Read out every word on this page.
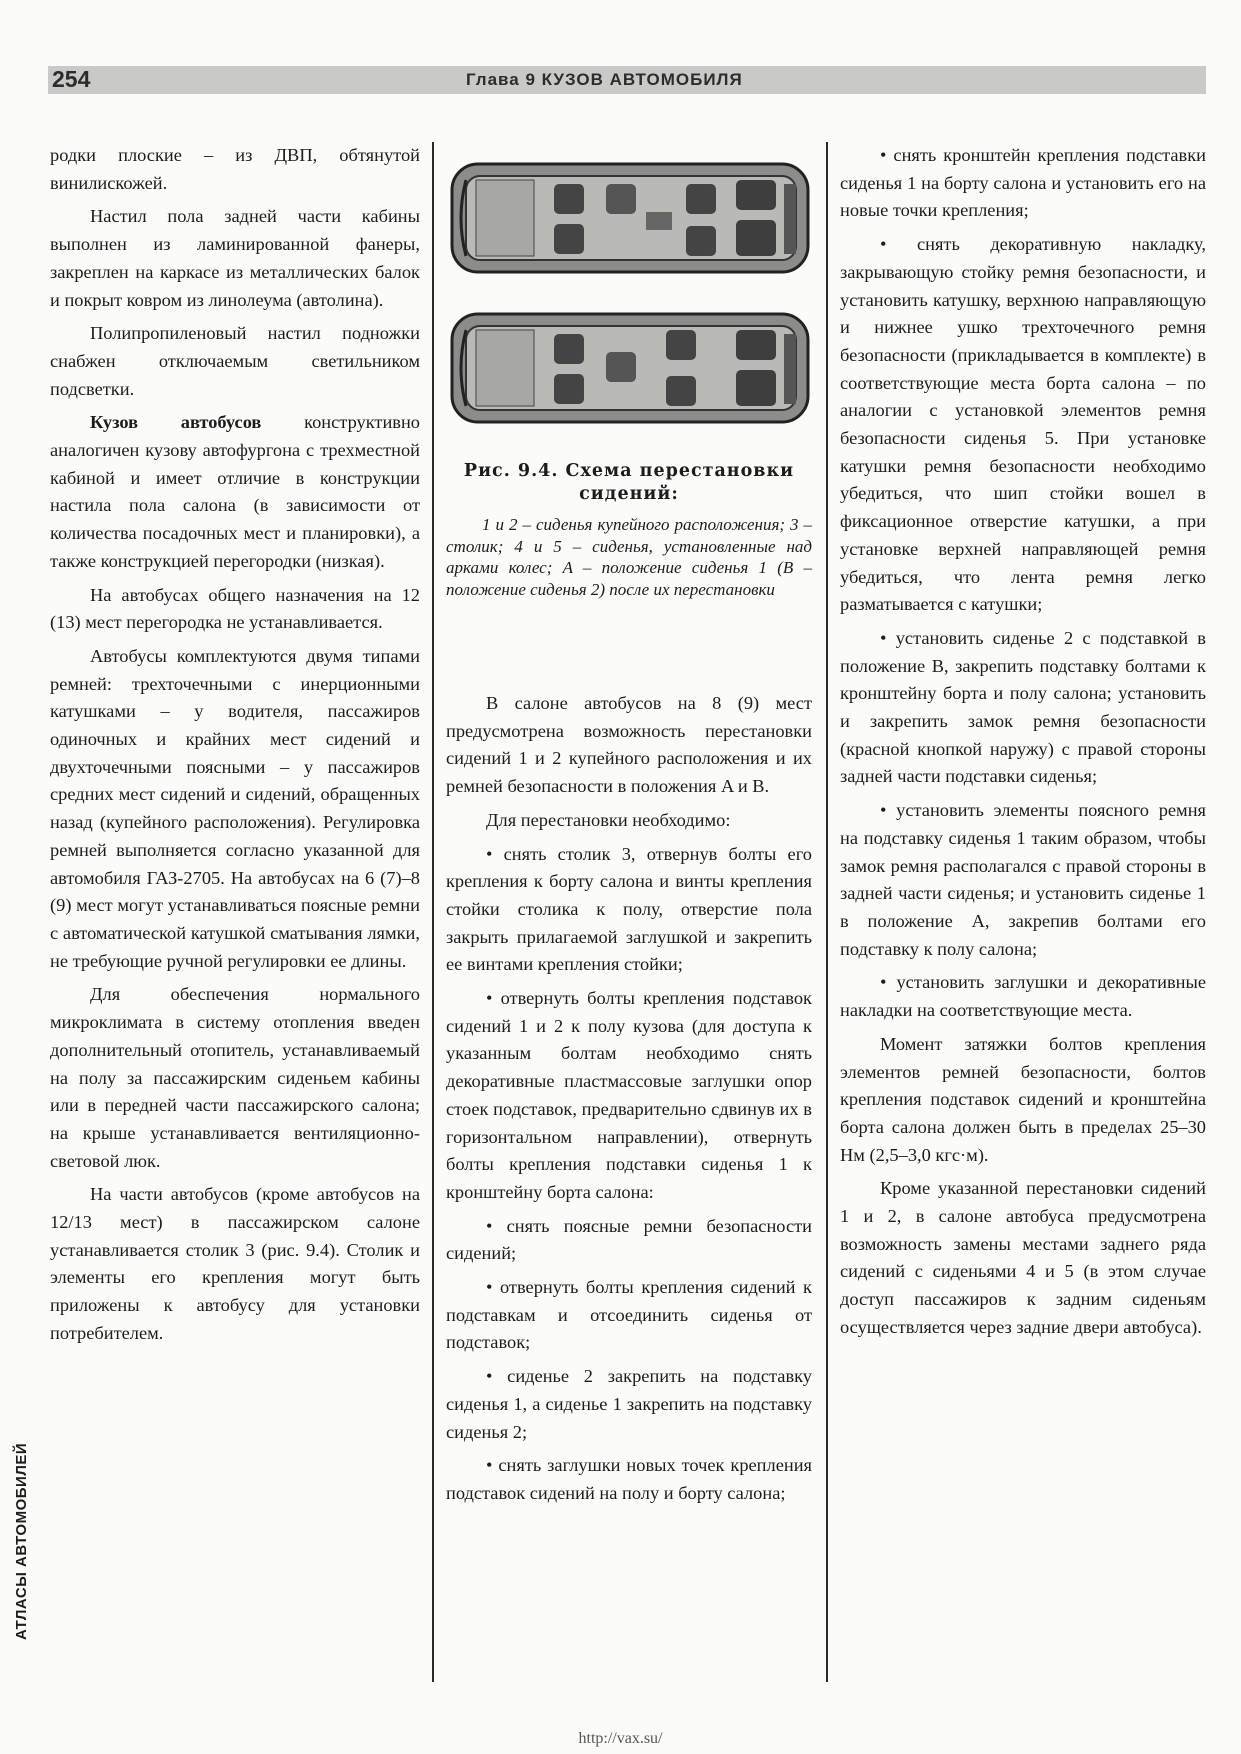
254	Глава 9 КУЗОВ АВТОМОБИЛЯ

родки плоские – из ДВП, обтянутой винилискожей.

Настил пола задней части кабины выполнен из ламинированной фанеры, закреплен на каркасе из металлических балок и покрыт ковром из линолеума (автолина).

Полипропиленовый настил подножки снабжен отключаемым светильником подсветки.

Кузов автобусов конструктивно аналогичен кузову автофургона с трехместной кабиной и имеет отличие в конструкции настила пола салона (в зависимости от количества посадочных мест и планировки), а также конструкцией перегородки (низкая).

На автобусах общего назначения на 12 (13) мест перегородка не устанавливается.

Автобусы комплектуются двумя типами ремней: трехточечными с инерционными катушками – у водителя, пассажиров одиночных и крайних мест сидений и двухточечными поясными – у пассажиров средних мест сидений и сидений, обращенных назад (купейного расположения). Регулировка ремней выполняется согласно указанной для автомобиля ГАЗ-2705. На автобусах на 6 (7)–8 (9) мест могут устанавливаться поясные ремни с автоматической катушкой сматывания лямки, не требующие ручной регулировки ее длины.

Для обеспечения нормального микроклимата в систему отопления введен дополнительный отопитель, устанавливаемый на полу за пассажирским сиденьем кабины или в передней части пассажирского салона; на крыше устанавливается вентиляционно-световой люк.

На части автобусов (кроме автобусов на 12/13 мест) в пассажирском салоне устанавливается столик 3 (рис. 9.4). Столик и элементы его крепления могут быть приложены к автобусу для установки потребителем.

Рис. 9.4. Схема перестановки сидений:
1 и 2 – сиденья купейного расположения; 3 – столик; 4 и 5 – сиденья, установленные над арками колес; A – положение сиденья 1 (B – положение сиденья 2) после их перестановки

В салоне автобусов на 8 (9) мест предусмотрена возможность перестановки сидений 1 и 2 купейного расположения и их ремней безопасности в положения A и B.

Для перестановки необходимо:

• снять столик 3, отвернув болты его крепления к борту салона и винты крепления стойки столика к полу, отверстие пола закрыть прилагаемой заглушкой и закрепить ее винтами крепления стойки;

• отвернуть болты крепления подставок сидений 1 и 2 к полу кузова (для доступа к указанным болтам необходимо снять декоративные пластмассовые заглушки опор стоек подставок, предварительно сдвинув их в горизонтальном направлении), отвернуть болты крепления подставки сиденья 1 к кронштейну борта салона:

• снять поясные ремни безопасности сидений;

• отвернуть болты крепления сидений к подставкам и отсоединить сиденья от подставок;

• сиденье 2 закрепить на подставку сиденья 1, а сиденье 1 закрепить на подставку сиденья 2;

• снять заглушки новых точек крепления подставок сидений на полу и борту салона;

• снять кронштейн крепления подставки сиденья 1 на борту салона и установить его на новые точки крепления;

• снять декоративную накладку, закрывающую стойку ремня безопасности, и установить катушку, верхнюю направляющую и нижнее ушко трехточечного ремня безопасности (прикладывается в комплекте) в соответствующие места борта салона – по аналогии с установкой элементов ремня безопасности сиденья 5. При установке катушки ремня безопасности необходимо убедиться, что шип стойки вошел в фиксационное отверстие катушки, а при установке верхней направляющей ремня убедиться, что лента ремня легко разматывается с катушки;

• установить сиденье 2 с подставкой в положение B, закрепить подставку болтами к кронштейну борта и полу салона; установить и закрепить замок ремня безопасности (красной кнопкой наружу) с правой стороны задней части подставки сиденья;

• установить элементы поясного ремня на подставку сиденья 1 таким образом, чтобы замок ремня располагался с правой стороны в задней части сиденья; и установить сиденье 1 в положение A, закрепив болтами его подставку к полу салона;

• установить заглушки и декоративные накладки на соответствующие места.

Момент затяжки болтов крепления элементов ремней безопасности, болтов крепления подставок сидений и кронштейна борта салона должен быть в пределах 25–30 Нм (2,5–3,0 кгс·м).

Кроме указанной перестановки сидений 1 и 2, в салоне автобуса предусмотрена возможность замены местами заднего ряда сидений с сиденьями 4 и 5 (в этом случае доступ пассажиров к задним сиденьям осуществляется через задние двери автобуса).

АТЛАСЫ АВТОМОБИЛЕЙ
http://vax.su/
